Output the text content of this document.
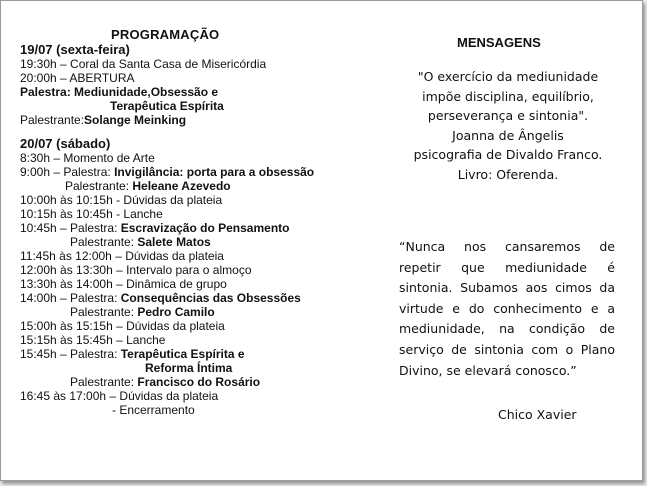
PROGRAMAÇÃO
19/07 (sexta-feira)
19:30h – Coral da Santa Casa de Misericórdia
20:00h – ABERTURA
Palestra: Mediunidade,Obsessão e
Terapêutica Espírita
Palestrante:Solange Meinking
20/07 (sábado)
8:30h – Momento de Arte
9:00h – Palestra: Invigilância: porta para a obsessão
Palestrante: Heleane Azevedo
10:00h às 10:15h - Dúvidas da plateia
10:15h às 10:45h - Lanche
10:45h – Palestra: Escravização do Pensamento
Palestrante: Salete Matos
11:45h às 12:00h – Dúvidas da plateia
12:00h às 13:30h – Intervalo para o almoço
13:30h às 14:00h – Dinâmica de grupo
14:00h – Palestra: Consequências das Obsessões
Palestrante: Pedro Camilo
15:00h às 15:15h – Dúvidas da plateia
15:15h às 15:45h – Lanche
15:45h – Palestra: Terapêutica Espírita e
Reforma Íntima
Palestrante: Francisco do Rosário
16:45 às 17:00h – Dúvidas da plateia
- Encerramento
MENSAGENS
"O exercício da mediunidade
impõe disciplina, equilíbrio,
perseverança e sintonia".
Joanna de Ângelis
psicografia de Divaldo Franco.
Livro: Oferenda.
“Nunca nos cansaremos de repetir que mediunidade é sintonia. Subamos aos cimos da virtude e do conhecimento e a mediunidade, na condição de serviço de sintonia com o Plano Divino, se elevará conosco.”
Chico Xavier
